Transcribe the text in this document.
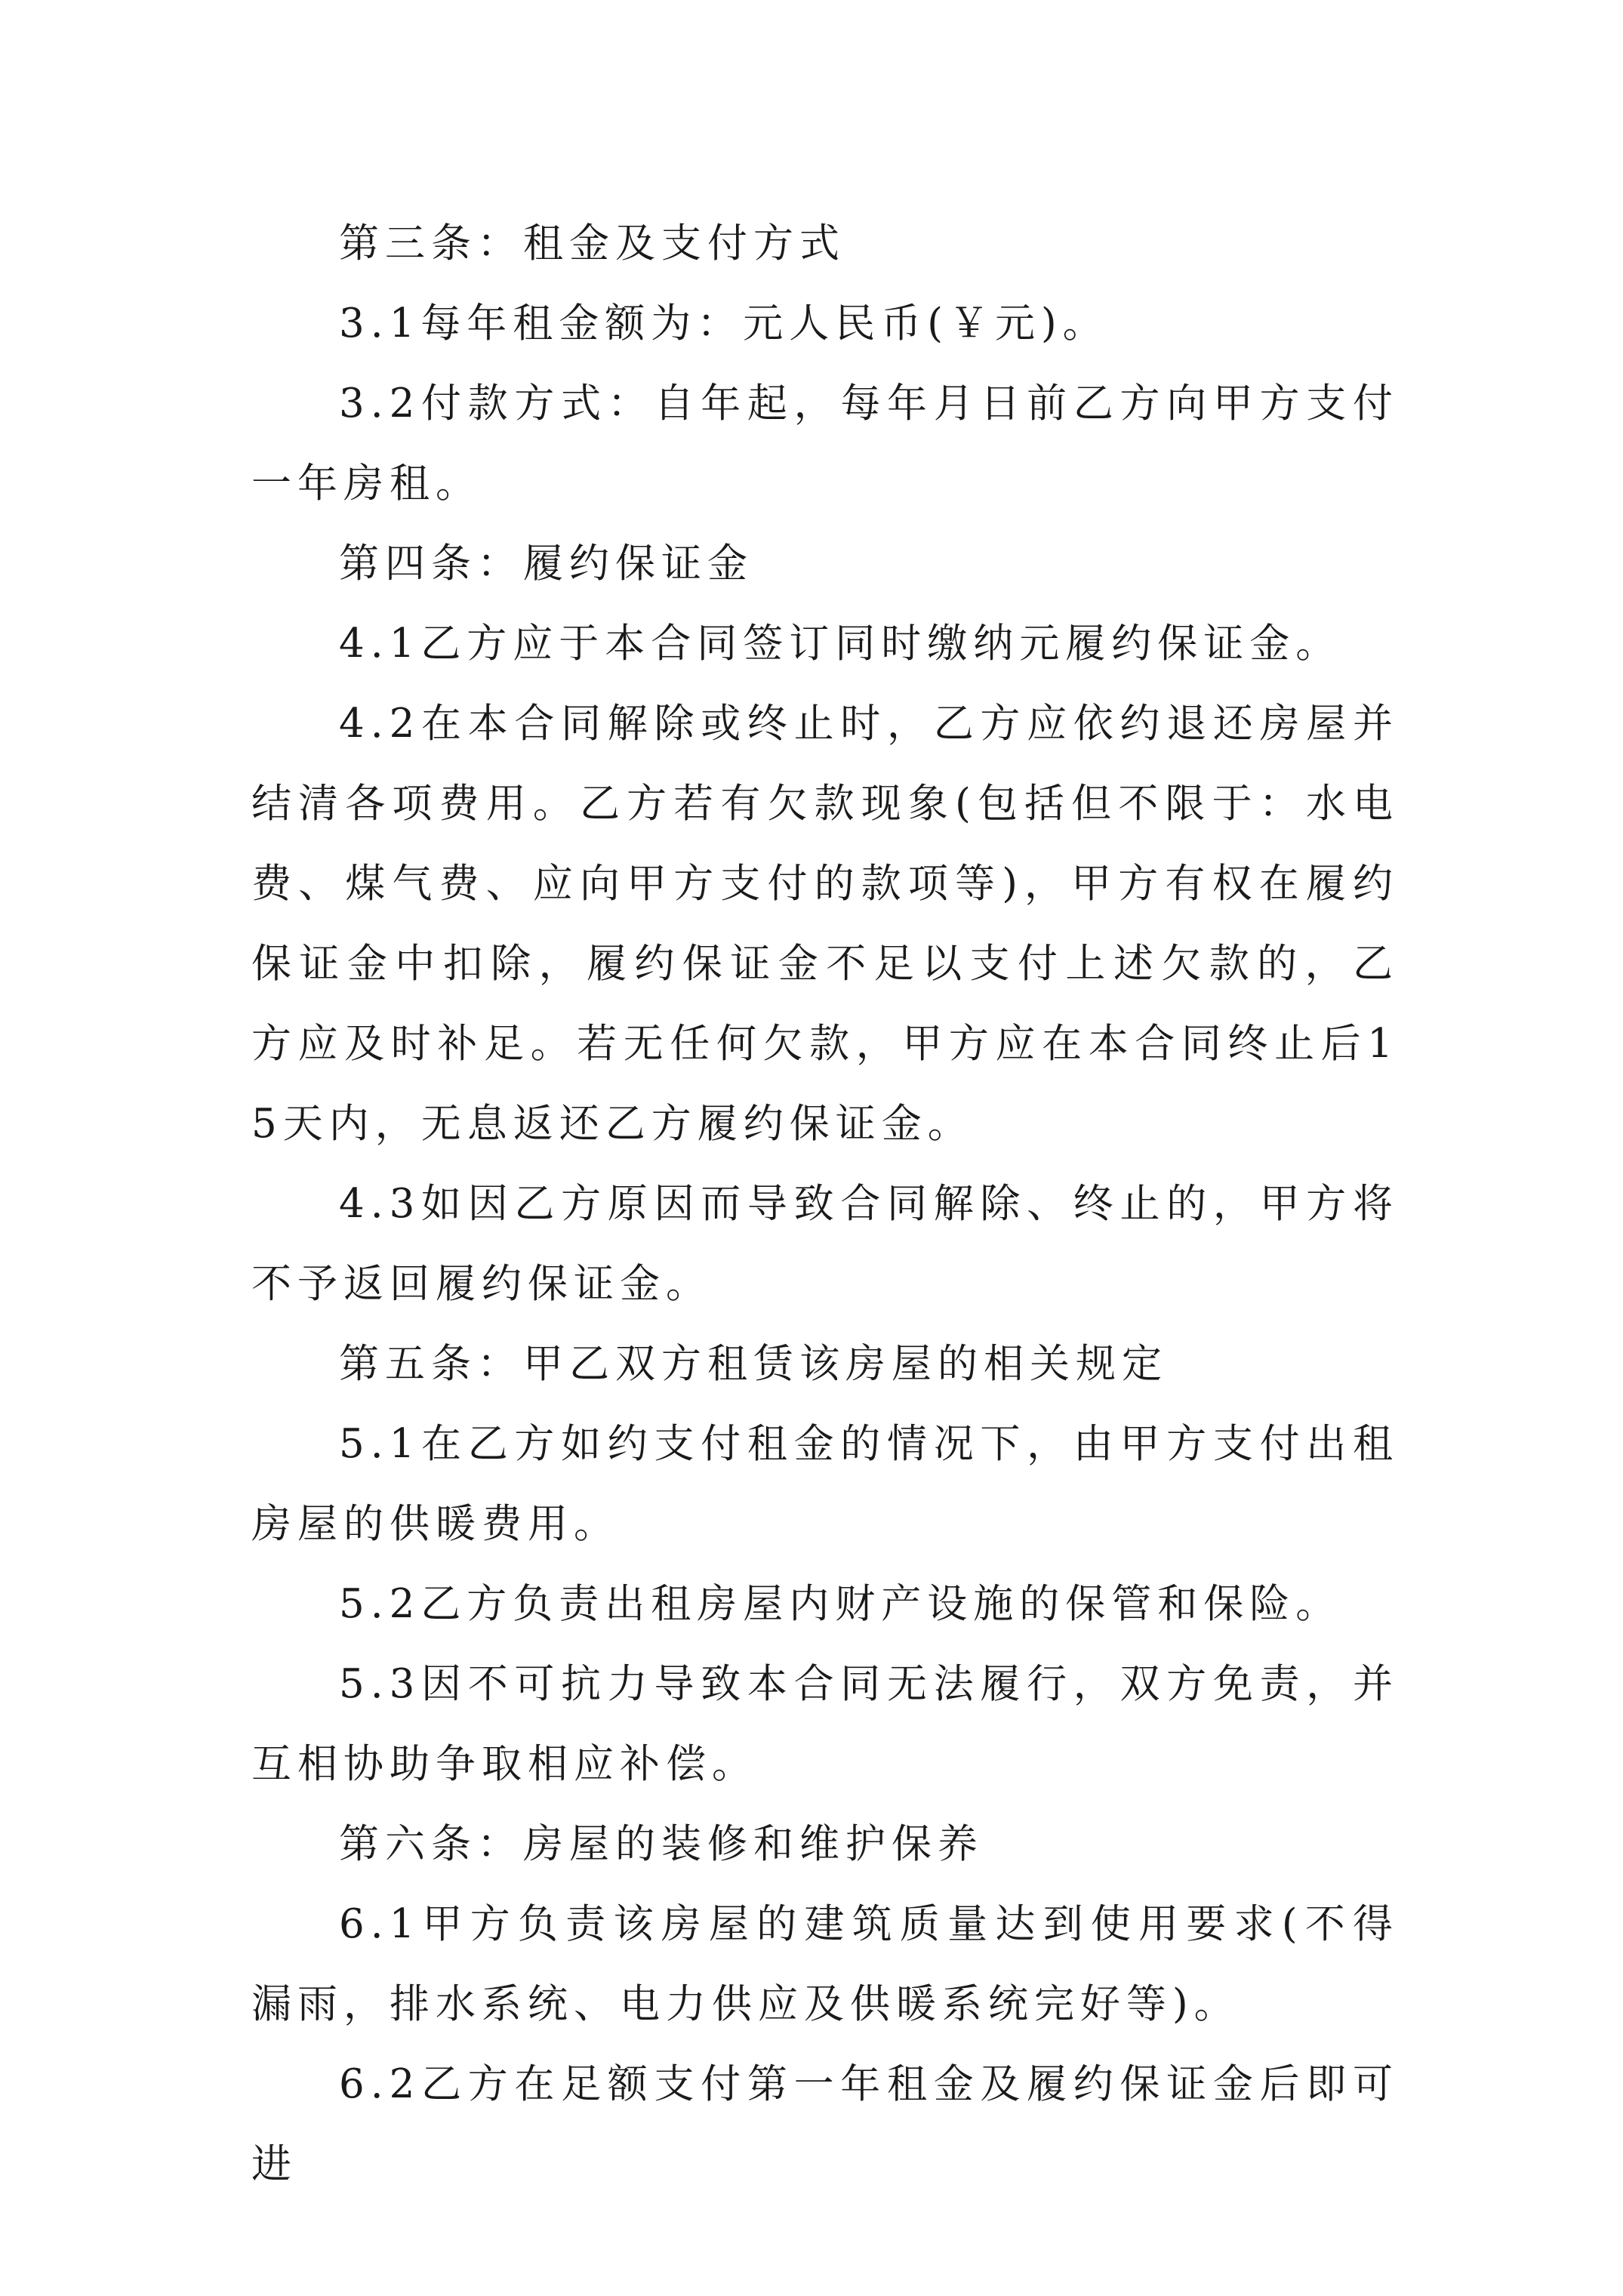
第三条：租金及支付方式

3.1每年租金额为：元人民币(￥元)。

3.2付款方式：自年起，每年月日前乙方向甲方支付一年房租。

第四条：履约保证金

4.1乙方应于本合同签订同时缴纳元履约保证金。

4.2在本合同解除或终止时，乙方应依约退还房屋并结清各项费用。乙方若有欠款现象(包括但不限于：水电费、煤气费、应向甲方支付的款项等)，甲方有权在履约保证金中扣除，履约保证金不足以支付上述欠款的，乙方应及时补足。若无任何欠款，甲方应在本合同终止后15天内，无息返还乙方履约保证金。

4.3如因乙方原因而导致合同解除、终止的，甲方将不予返回履约保证金。

第五条：甲乙双方租赁该房屋的相关规定

5.1在乙方如约支付租金的情况下，由甲方支付出租房屋的供暖费用。

5.2乙方负责出租房屋内财产设施的保管和保险。

5.3因不可抗力导致本合同无法履行，双方免责，并互相协助争取相应补偿。

第六条：房屋的装修和维护保养

6.1甲方负责该房屋的建筑质量达到使用要求(不得漏雨，排水系统、电力供应及供暖系统完好等)。

6.2乙方在足额支付第一年租金及履约保证金后即可进
